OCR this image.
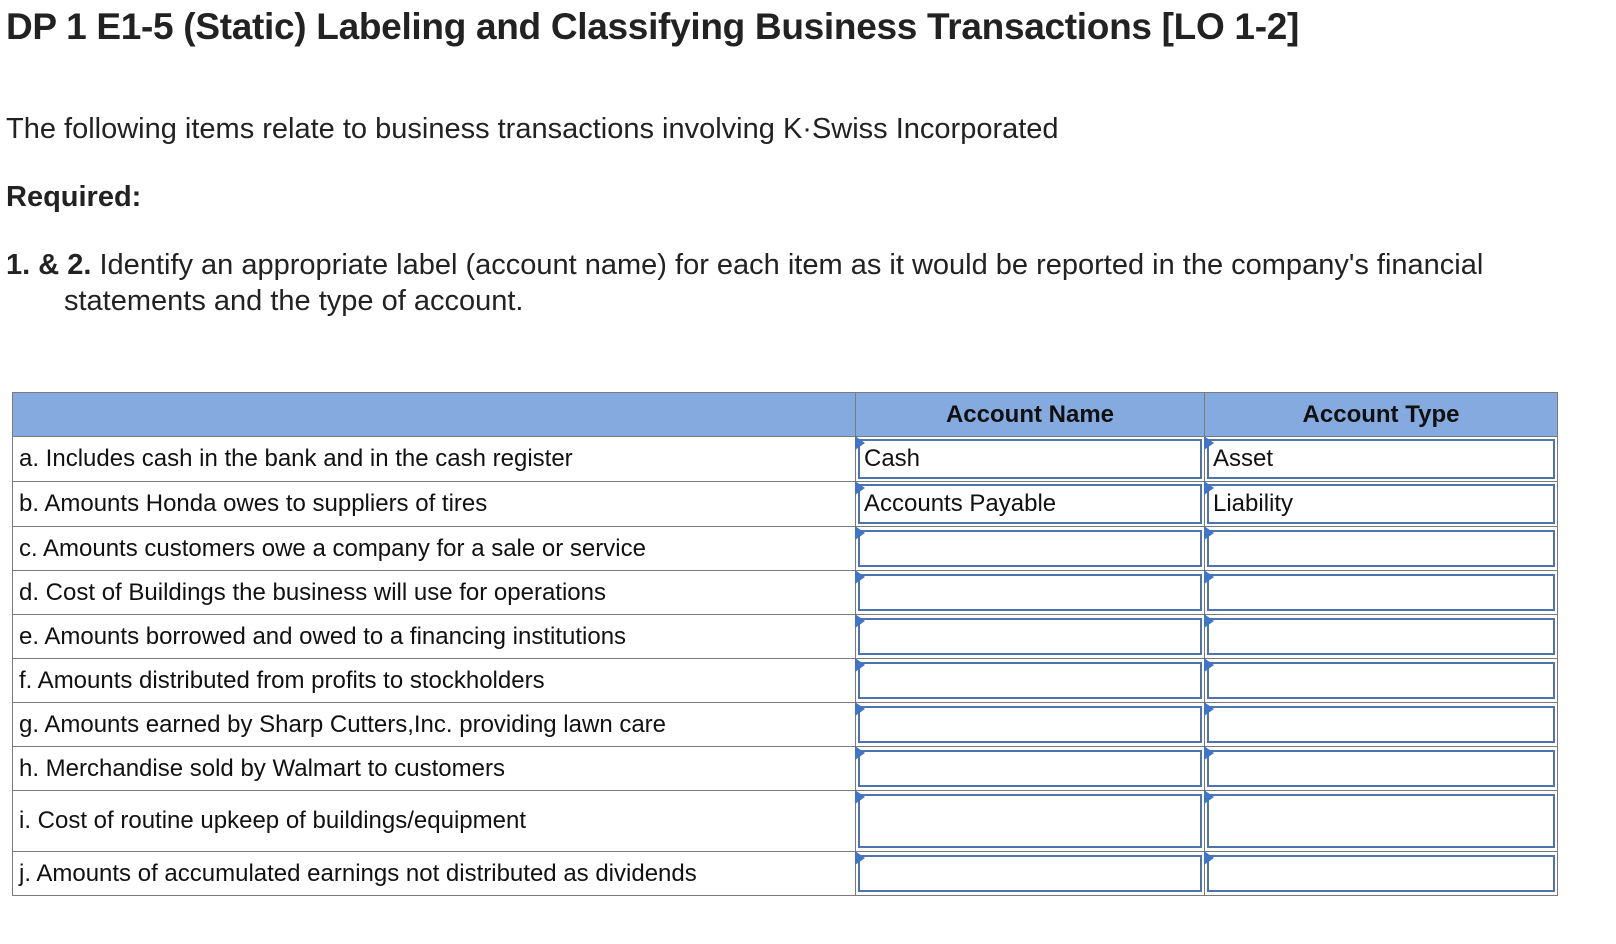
DP 1 E1-5 (Static) Labeling and Classifying Business Transactions [LO 1-2]
The following items relate to business transactions involving K·Swiss Incorporated
Required:
1. & 2. Identify an appropriate label (account name) for each item as it would be reported in the company's financial statements and the type of account.
	Account Name	Account Type
a. Includes cash in the bank and in the cash register	Cash	Asset

b. Amounts Honda owes to suppliers of tires	Accounts Payable	Liability

c. Amounts customers owe a company for a sale or service	

d. Cost of Buildings the business will use for operations	

e. Amounts borrowed and owed to a financing institutions	

f. Amounts distributed from profits to stockholders	

g. Amounts earned by Sharp Cutters,Inc. providing lawn care	

h. Merchandise sold by Walmart to customers	

i. Cost of routine upkeep of buildings/equipment	

j. Amounts of accumulated earnings not distributed as dividends	
